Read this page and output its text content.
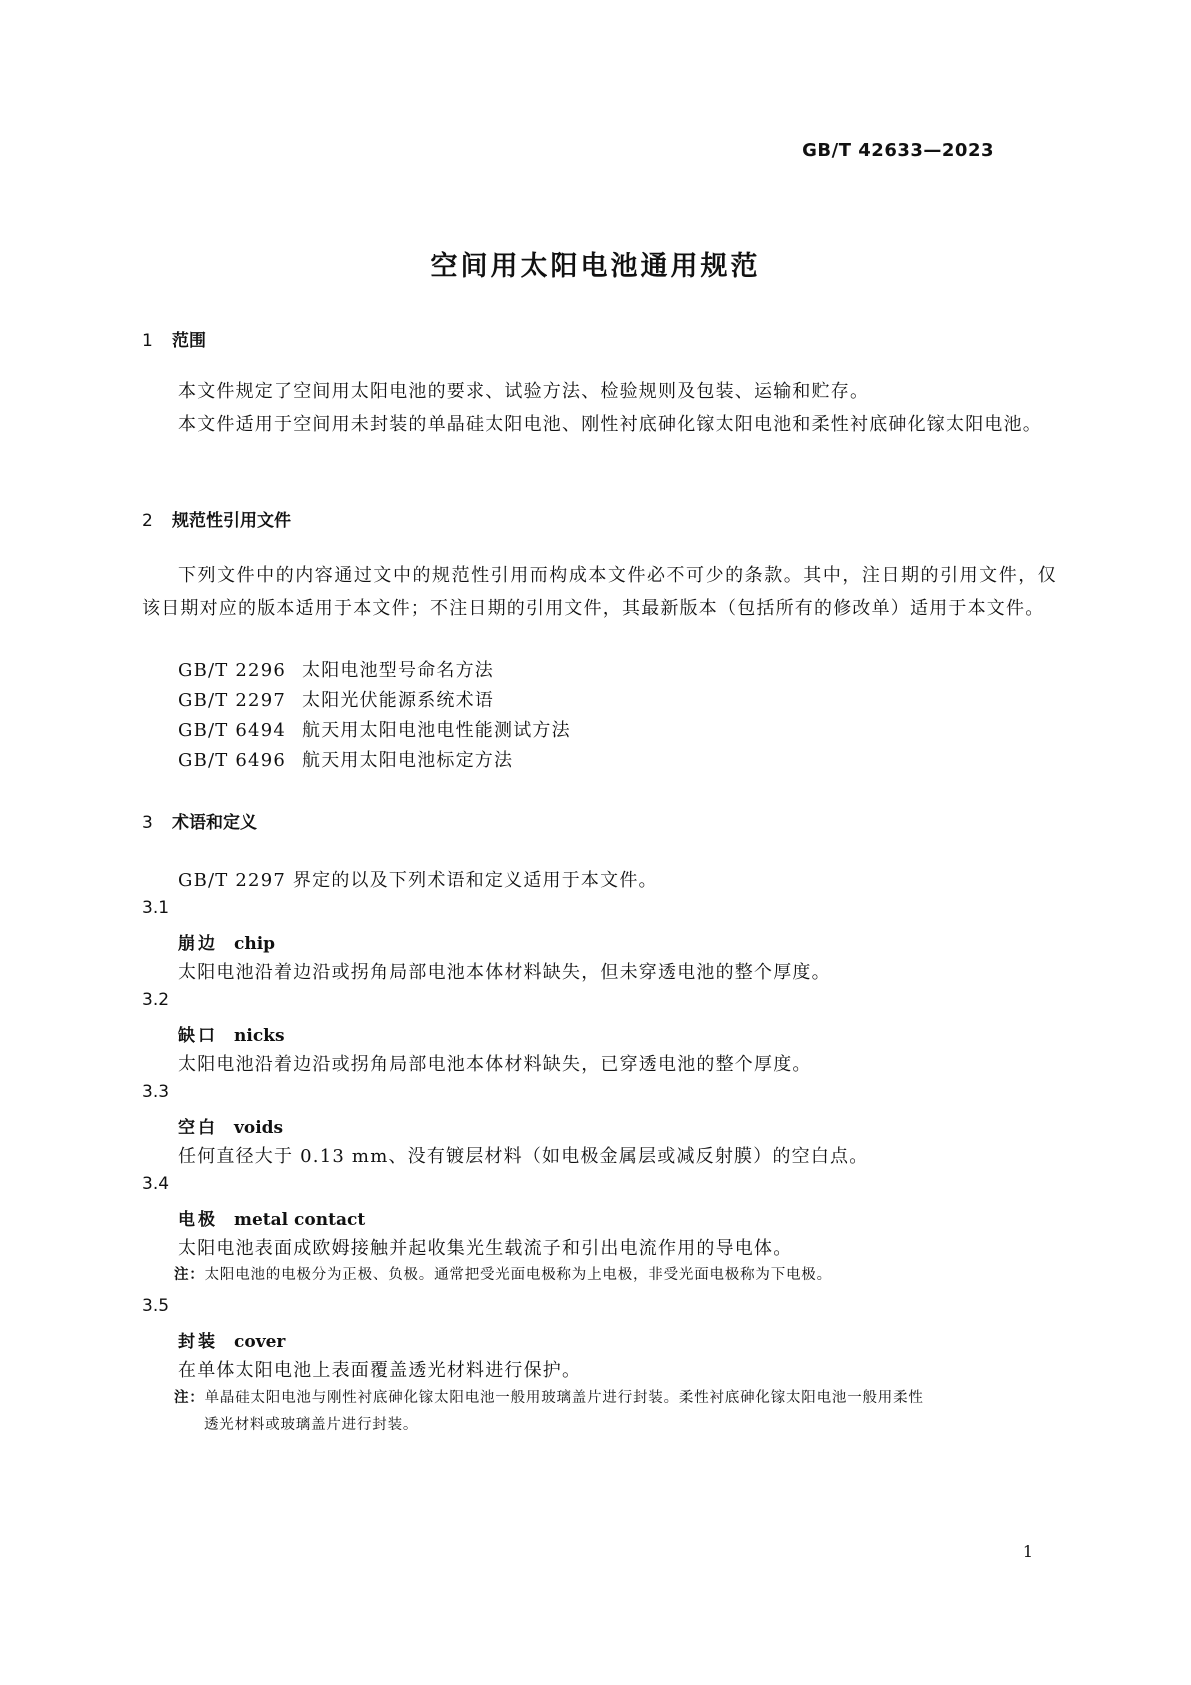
GB/T 42633—2023
空间用太阳电池通用规范
1 范围
本文件规定了空间用太阳电池的要求、试验方法、检验规则及包装、运输和贮存。
本文件适用于空间用未封装的单晶硅太阳电池、刚性衬底砷化镓太阳电池和柔性衬底砷化镓太阳电池。
2 规范性引用文件
下列文件中的内容通过文中的规范性引用而构成本文件必不可少的条款。其中，注日期的引用文件，仅该日期对应的版本适用于本文件；不注日期的引用文件，其最新版本（包括所有的修改单）适用于本文件。
GB/T 2296 太阳电池型号命名方法
GB/T 2297 太阳光伏能源系统术语
GB/T 6494 航天用太阳电池电性能测试方法
GB/T 6496 航天用太阳电池标定方法
3 术语和定义
GB/T 2297 界定的以及下列术语和定义适用于本文件。
3.1
崩边 chip
太阳电池沿着边沿或拐角局部电池本体材料缺失，但未穿透电池的整个厚度。
3.2
缺口 nicks
太阳电池沿着边沿或拐角局部电池本体材料缺失，已穿透电池的整个厚度。
3.3
空白 voids
任何直径大于 0.13 mm、没有镀层材料（如电极金属层或减反射膜）的空白点。
3.4
电极 metal contact
太阳电池表面成欧姆接触并起收集光生载流子和引出电流作用的导电体。
注：太阳电池的电极分为正极、负极。通常把受光面电极称为上电极，非受光面电极称为下电极。
3.5
封装 cover
在单体太阳电池上表面覆盖透光材料进行保护。
注：单晶硅太阳电池与刚性衬底砷化镓太阳电池一般用玻璃盖片进行封装。柔性衬底砷化镓太阳电池一般用柔性
透光材料或玻璃盖片进行封装。
1
